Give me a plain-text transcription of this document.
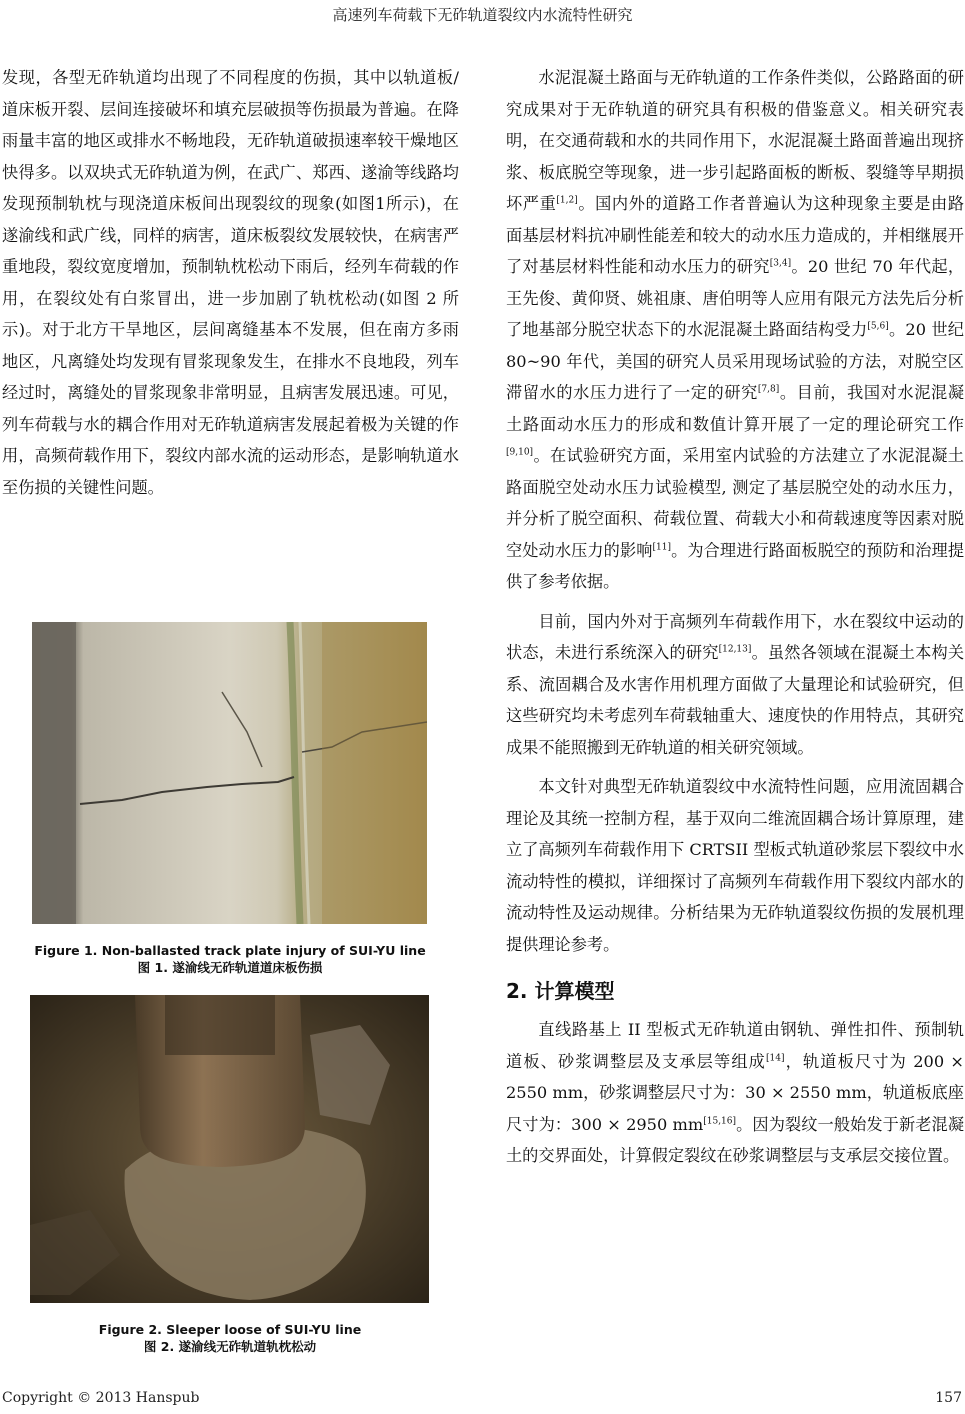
高速列车荷载下无砟轨道裂纹内水流特性研究

发现，各型无砟轨道均出现了不同程度的伤损，其中以轨道板/道床板开裂、层间连接破坏和填充层破损等伤损最为普遍。在降雨量丰富的地区或排水不畅地段，无砟轨道破损速率较干燥地区快得多。以双块式无砟轨道为例，在武广、郑西、遂渝等线路均发现预制轨枕与现浇道床板间出现裂纹的现象(如图1所示)，在遂渝线和武广线，同样的病害，道床板裂纹发展较快，在病害严重地段，裂纹宽度增加，预制轨枕松动下雨后，经列车荷载的作用，在裂纹处有白浆冒出，进一步加剧了轨枕松动(如图 2 所示)。对于北方干旱地区，层间离缝基本不发展，但在南方多雨地区，凡离缝处均发现有冒浆现象发生，在排水不良地段，列车经过时，离缝处的冒浆现象非常明显，且病害发展迅速。可见，列车荷载与水的耦合作用对无砟轨道病害发展起着极为关键的作用，高频荷载作用下，裂纹内部水流的运动形态，是影响轨道水至伤损的关键性问题。

Figure 1. Non-ballasted track plate injury of SUI-YU line
图 1. 遂渝线无砟轨道道床板伤损
Figure 2. Sleeper loose of SUI-YU line
图 2. 遂渝线无砟轨道轨枕松动

水泥混凝土路面与无砟轨道的工作条件类似，公路路面的研究成果对于无砟轨道的研究具有积极的借鉴意义。相关研究表明，在交通荷载和水的共同作用下，水泥混凝土路面普遍出现挤浆、板底脱空等现象，进一步引起路面板的断板、裂缝等早期损坏严重[1,2]。国内外的道路工作者普遍认为这种现象主要是由路面基层材料抗冲刷性能差和较大的动水压力造成的，并相继展开了对基层材料性能和动水压力的研究[3,4]。20 世纪 70 年代起，王先俊、黄仰贤、姚祖康、唐伯明等人应用有限元方法先后分析了地基部分脱空状态下的水泥混凝土路面结构受力[5,6]。20 世纪 80~90 年代，美国的研究人员采用现场试验的方法，对脱空区滞留水的水压力进行了一定的研究[7,8]。目前，我国对水泥混凝土路面动水压力的形成和数值计算开展了一定的理论研究工作[9,10]。在试验研究方面，采用室内试验的方法建立了水泥混凝土路面脱空处动水压力试验模型, 测定了基层脱空处的动水压力，并分析了脱空面积、荷载位置、荷载大小和荷载速度等因素对脱空处动水压力的影响[11]。为合理进行路面板脱空的预防和治理提供了参考依据。

目前，国内外对于高频列车荷载作用下，水在裂纹中运动的状态，未进行系统深入的研究[12,13]。虽然各领域在混凝土本构关系、流固耦合及水害作用机理方面做了大量理论和试验研究，但这些研究均未考虑列车荷载轴重大、速度快的作用特点，其研究成果不能照搬到无砟轨道的相关研究领域。

本文针对典型无砟轨道裂纹中水流特性问题，应用流固耦合理论及其统一控制方程，基于双向二维流固耦合场计算原理，建立了高频列车荷载作用下 CRTSII 型板式轨道砂浆层下裂纹中水流动特性的模拟，详细探讨了高频列车荷载作用下裂纹内部水的流动特性及运动规律。分析结果为无砟轨道裂纹伤损的发展机理提供理论参考。

2. 计算模型

直线路基上 II 型板式无砟轨道由钢轨、弹性扣件、预制轨道板、砂浆调整层及支承层等组成[14]，轨道板尺寸为 200 × 2550 mm，砂浆调整层尺寸为：30 × 2550 mm，轨道板底座尺寸为：300 × 2950 mm[15,16]。因为裂纹一般始发于新老混凝土的交界面处，计算假定裂纹在砂浆调整层与支承层交接位置。

Copyright © 2013 Hanspub	157
